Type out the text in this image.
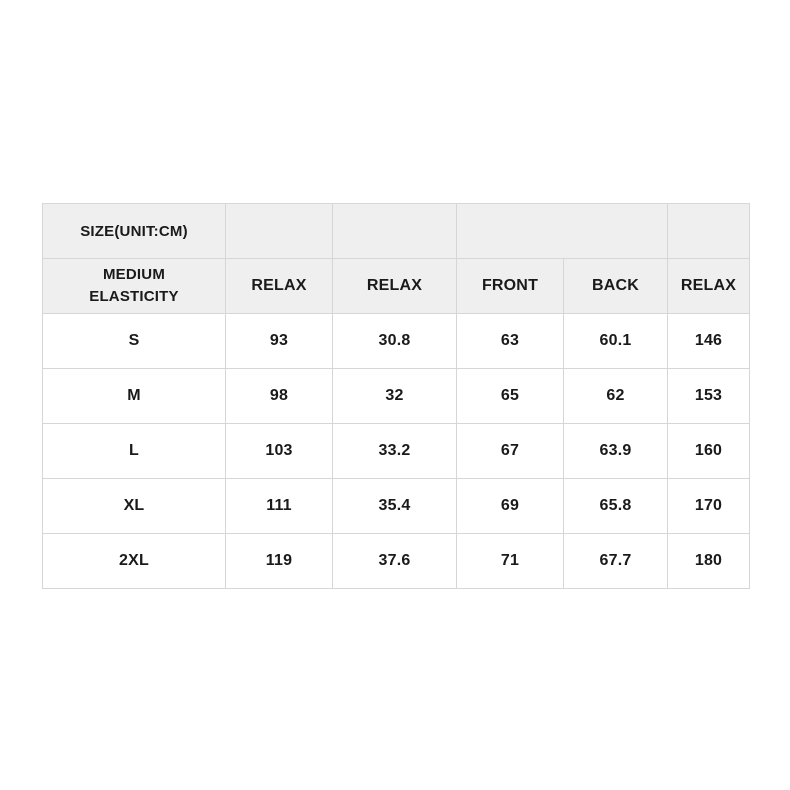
SIZE(UNIT:CM)					

MEDIUM
ELASTICITY	RELAX	RELAX	FRONT	BACK	RELAX
S	93	30.8	63	60.1	146
M	98	32	65	62	153
L	103	33.2	67	63.9	160
XL	111	35.4	69	65.8	170
2XL	119	37.6	71	67.7	180
